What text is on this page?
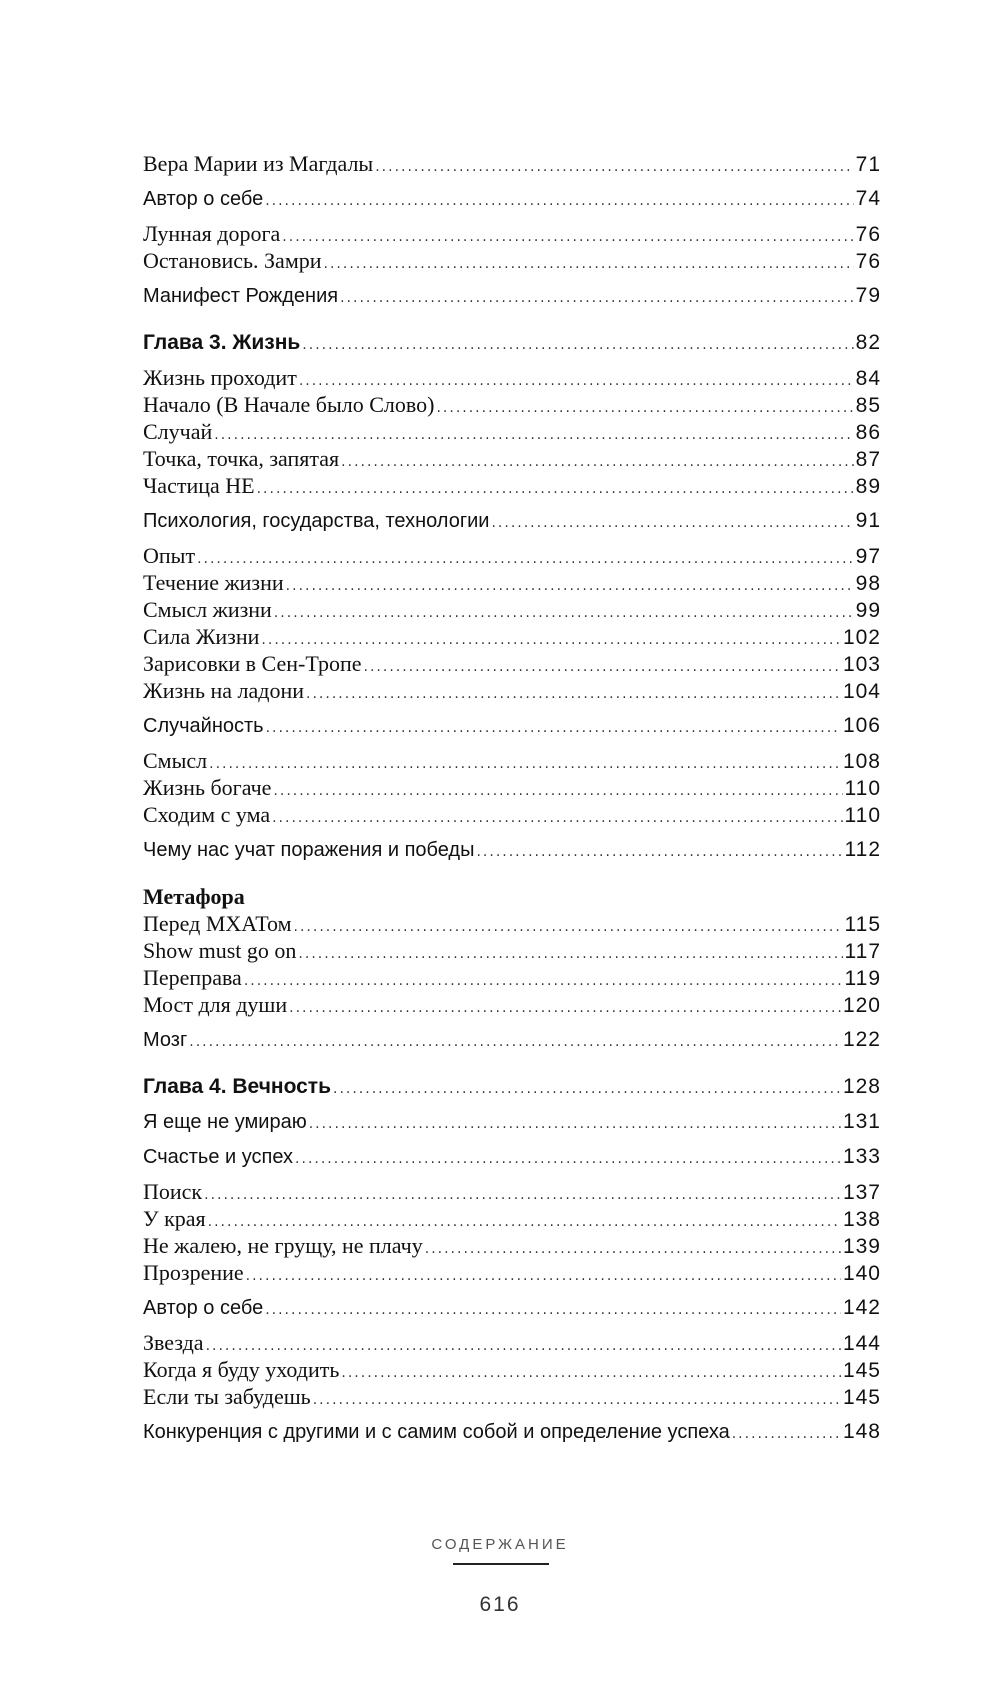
Вера Марии из Магдалы .....	71
Автор о себе .....	74
Лунная дорога .....	76
Остановись. Замри .....	76
Манифест Рождения .....	79
Глава 3. Жизнь .....	82
Жизнь проходит .....	84
Начало (В Начале было Слово) .....	85
Случай .....	86
Точка, точка, запятая .....	87
Частица НЕ .....	89
Психология, государства, технологии .....	91
Опыт .....	97
Течение жизни .....	98
Смысл жизни .....	99
Сила Жизни .....	102
Зарисовки в Сен-Тропе .....	103
Жизнь на ладони .....	104
Случайность .....	106
Смысл .....	108
Жизнь богаче .....	110
Сходим с ума .....	110
Чему нас учат поражения и победы .....	112
Метафора
Перед МХАТом .....	115
Show must go on .....	117
Переправа .....	119
Мост для души .....	120
Мозг .....	122
Глава 4. Вечность .....	128
Я еще не умираю .....	131
Счастье и успех .....	133
Поиск .....	137
У края .....	138
Не жалею, не грущу, не плачу .....	139
Прозрение .....	140
Автор о себе .....	142
Звезда .....	144
Когда я буду уходить .....	145
Если ты забудешь .....	145
Конкуренция с другими и с самим собой и определение успеха .....	148
СОДЕРЖАНИЕ
616
